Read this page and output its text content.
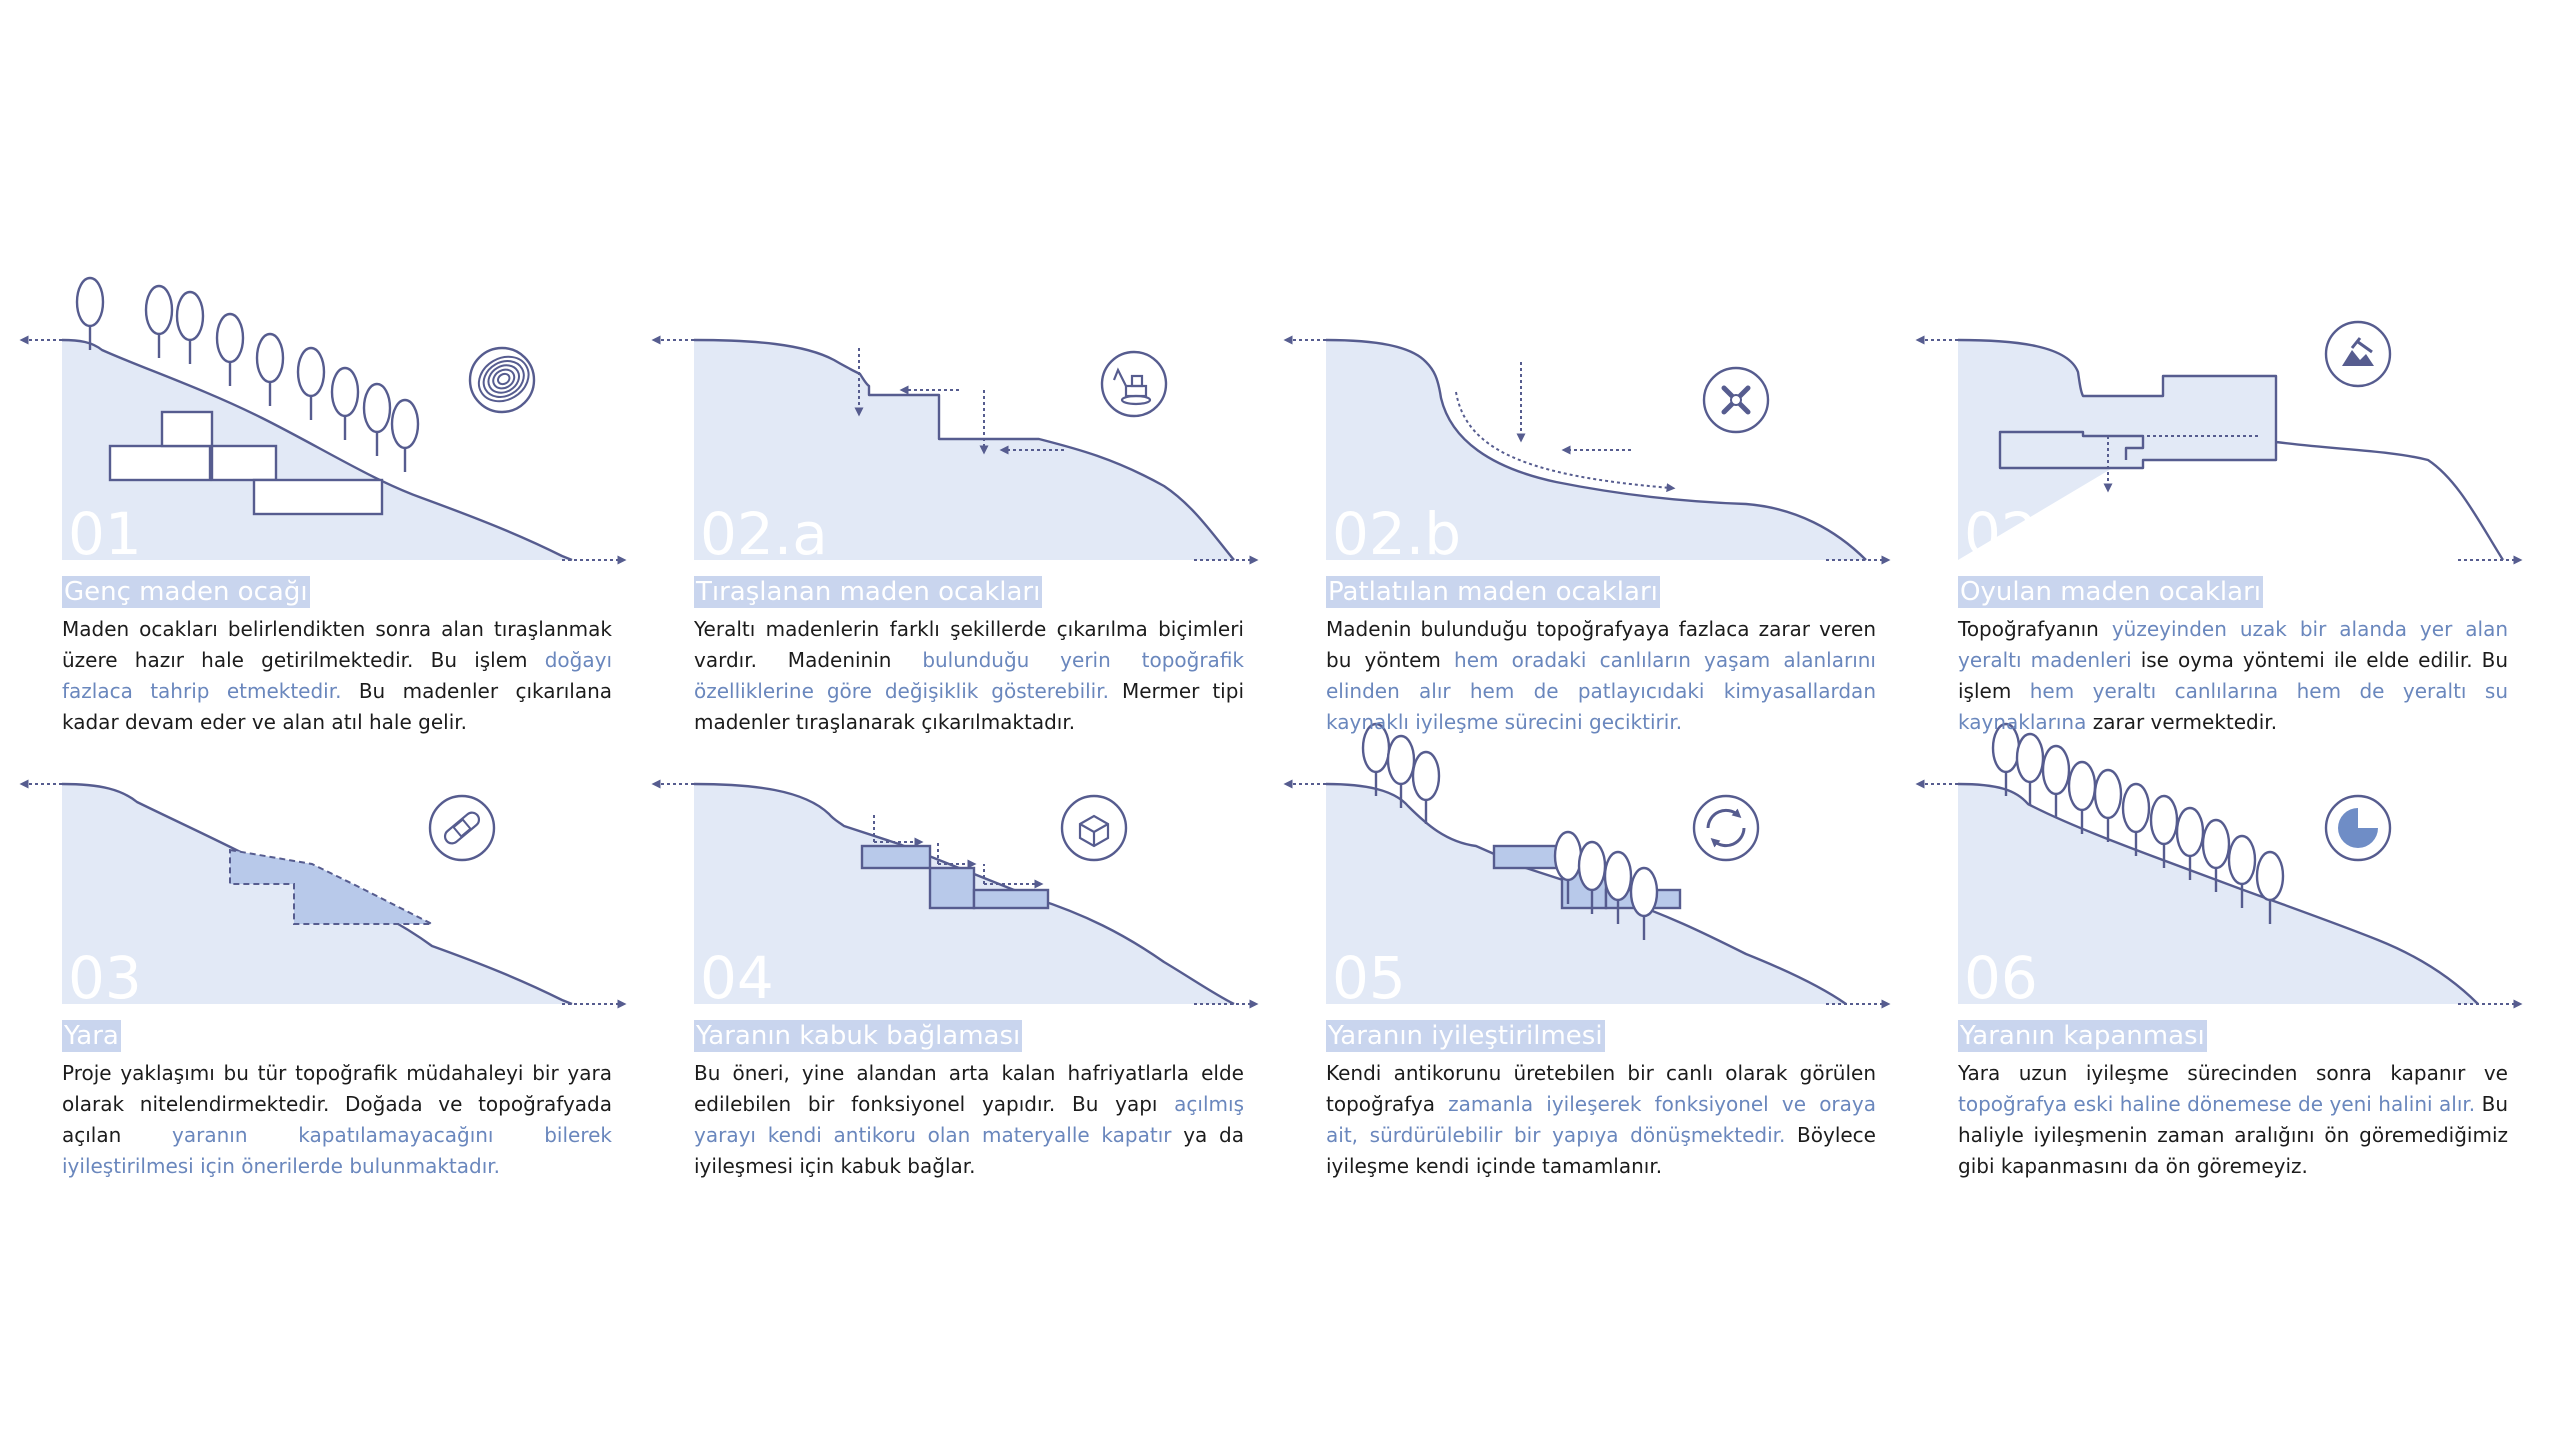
01	02.a	02.b	02.c
03	04	05	06
Genç maden ocağı
Maden ocakları belirlendikten sonra alan tıraşlanmak üzere hazır hale getirilmektedir. Bu işlem doğayı fazlaca tahrip etmektedir. Bu madenler çıkarılana kadar devam eder ve alan atıl hale gelir.
Tıraşlanan maden ocakları
Yeraltı madenlerin farklı şekillerde çıkarılma biçimleri vardır. Madeninin bulunduğu yerin topoğrafik özelliklerine göre değişiklik gösterebilir. Mermer tipi madenler tıraşlanarak çıkarılmaktadır.
Patlatılan maden ocakları
Madenin bulunduğu topoğrafyaya fazlaca zarar veren bu yöntem hem oradaki canlıların yaşam alanlarını elinden alır hem de patlayıcıdaki kimyasallardan kaynaklı iyileşme sürecini geciktirir.
Oyulan maden ocakları
Topoğrafyanın yüzeyinden uzak bir alanda yer alan yeraltı madenleri ise oyma yöntemi ile elde edilir. Bu işlem hem yeraltı canlılarına hem de yeraltı su kaynaklarına zarar vermektedir.
Yara
Proje yaklaşımı bu tür topoğrafik müdahaleyi bir yara olarak nitelendirmektedir. Doğada ve topoğrafyada açılan yaranın kapatılamayacağını bilerek iyileştirilmesi için önerilerde bulunmaktadır.
Yaranın kabuk bağlaması
Bu öneri, yine alandan arta kalan hafriyatlarla elde edilebilen bir fonksiyonel yapıdır. Bu yapı açılmış yarayı kendi antikoru olan materyalle kapatır ya da iyileşmesi için kabuk bağlar.
Yaranın iyileştirilmesi
Kendi antikorunu üretebilen bir canlı olarak görülen topoğrafya zamanla iyileşerek fonksiyonel ve oraya ait, sürdürülebilir bir yapıya dönüşmektedir. Böylece iyileşme kendi içinde tamamlanır.
Yaranın kapanması
Yara uzun iyileşme sürecinden sonra kapanır ve topoğrafya eski haline dönemese de yeni halini alır. Bu haliyle iyileşmenin zaman aralığını ön göremediğimiz gibi kapanmasını da ön göremeyiz.
